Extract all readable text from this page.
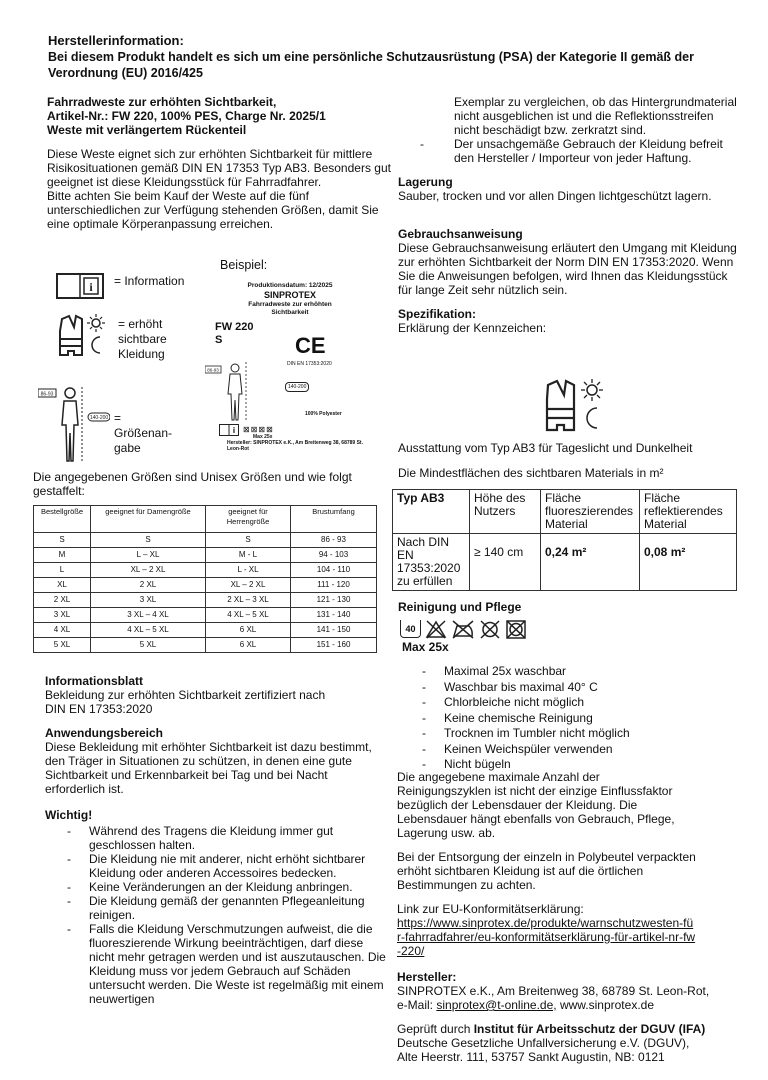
Herstellerinformation:
Bei diesem Produkt handelt es sich um eine persönliche Schutzausrüstung (PSA) der Kategorie II gemäß der Verordnung (EU) 2016/425

Fahrradweste zur erhöhten Sichtbarkeit,

Artikel-Nr.: FW 220, 100% PES, Charge Nr. 2025/1

Weste mit verlängertem Rückenteil

Diese Weste eignet sich zur erhöhten Sichtbarkeit für mittlere Risikosituationen gemäß DIN EN 17353 Typ AB3. Besonders gut geeignet ist diese Kleidungsstück für Fahrradfahrer.

Bitte achten Sie beim Kauf der Weste auf die fünf unterschiedlichen zur Verfügung stehenden Größen, damit Sie eine optimale Körperanpassung erreichen.

Beispiel:
i = Information
= erhöht sichtbare Kleidung
86-93
140-200 = Größenan-gabe
Produktionsdatum: 12/2025
SINPROTEX
Fahrradweste zur erhöhten Sichtbarkeit
FW 220
S	CE
DIN EN 17353:2020
86-93
140-200
100% Polyester
i ⊠⊠⊠⊠
Max 25x
Hersteller: SINPROTEX e.K., Am Breitenweg 38, 68789 St. Leon-Rot
Die angegebenen Größen sind Unisex Größen und wie folgt gestaffelt:
Bestellgröße	geeignet für Damengröße	geeignet für Herrengröße	Brustumfang
S	S	S	86 - 93
M	L – XL	M - L	94 - 103
L	XL – 2 XL	L - XL	104 - 110
XL	2 XL	XL – 2 XL	111 - 120
2 XL	3 XL	2 XL – 3 XL	121 - 130
3 XL	3 XL – 4 XL	4 XL – 5 XL	131 - 140
4 XL	4 XL – 5 XL	6 XL	141 - 150
5 XL	5 XL	6 XL	151 - 160

Informationsblatt

Bekleidung zur erhöhten Sichtbarkeit zertifiziert nach DIN EN 17353:2020

Anwendungsbereich

Diese Bekleidung mit erhöhter Sichtbarkeit ist dazu bestimmt, den Träger in Situationen zu schützen, in denen eine gute Sichtbarkeit und Erkennbarkeit bei Tag und bei Nacht erforderlich ist.

Wichtig!

- Während des Tragens die Kleidung immer gut geschlossen halten.
- Die Kleidung nie mit anderer, nicht erhöht sichtbarer Kleidung oder anderen Accessoires bedecken.
- Keine Veränderungen an der Kleidung anbringen.
- Die Kleidung gemäß der genannten Pflegeanleitung reinigen.
- Falls die Kleidung Verschmutzungen aufweist, die die fluoreszierende Wirkung beeinträchtigen, darf diese nicht mehr getragen werden und ist auszutauschen. Die Kleidung muss vor jedem Gebrauch auf Schäden untersucht werden. Die Weste ist regelmäßig mit einem neuwertigen

Exemplar zu vergleichen, ob das Hintergrundmaterial nicht ausgeblichen ist und die Reflektionsstreifen nicht beschädigt bzw. zerkratzt sind.

- Der unsachgemäße Gebrauch der Kleidung befreit den Hersteller / Importeur von jeder Haftung.

Lagerung

Sauber, trocken und vor allen Dingen lichtgeschützt lagern.

Gebrauchsanweisung

Diese Gebrauchsanweisung erläutert den Umgang mit Kleidung zur erhöhten Sichtbarkeit der Norm DIN EN 17353:2020. Wenn Sie die Anweisungen befolgen, wird Ihnen das Kleidungsstück für lange Zeit sehr nützlich sein.

Spezifikation:

Erklärung der Kennzeichen:

Ausstattung vom Typ AB3 für Tageslicht und Dunkelheit
Die Mindestflächen des sichtbaren Materials in m²
Typ AB3	Höhe des Nutzers	Fläche fluoreszierendes Material	Fläche reflektierendes Material
Nach DIN EN 17353:2020 zu erfüllen	≥ 140 cm	0,24 m²	0,08 m²
Reinigung und Pflege
40
Max 25x
- Maximal 25x waschbar
- Waschbar bis maximal 40° C
- Chlorbleiche nicht möglich
- Keine chemische Reinigung
- Trocknen im Tumbler nicht möglich
- Keinen Weichspüler verwenden
- Nicht bügeln

Die angegebene maximale Anzahl der Reinigungszyklen ist nicht der einzige Einflussfaktor bezüglich der Lebensdauer der Kleidung. Die Lebensdauer hängt ebenfalls von Gebrauch, Pflege, Lagerung usw. ab.

Bei der Entsorgung der einzeln in Polybeutel verpackten erhöht sichtbaren Kleidung ist auf die örtlichen Bestimmungen zu achten.

Link zur EU-Konformitätserklärung:

https://www.sinprotex.de/produkte/warnschutzwesten-für-fahrradfahrer/eu-konformitätserklärung-für-artikel-nr-fw-220/

Hersteller:

SINPROTEX e.K., Am Breitenweg 38, 68789 St. Leon-Rot,

e-Mail: sinprotex@t-online.de, www.sinprotex.de

Geprüft durch Institut für Arbeitsschutz der DGUV (IFA)

Deutsche Gesetzliche Unfallversicherung e.V. (DGUV),

Alte Heerstr. 111, 53757 Sankt Augustin, NB: 0121
